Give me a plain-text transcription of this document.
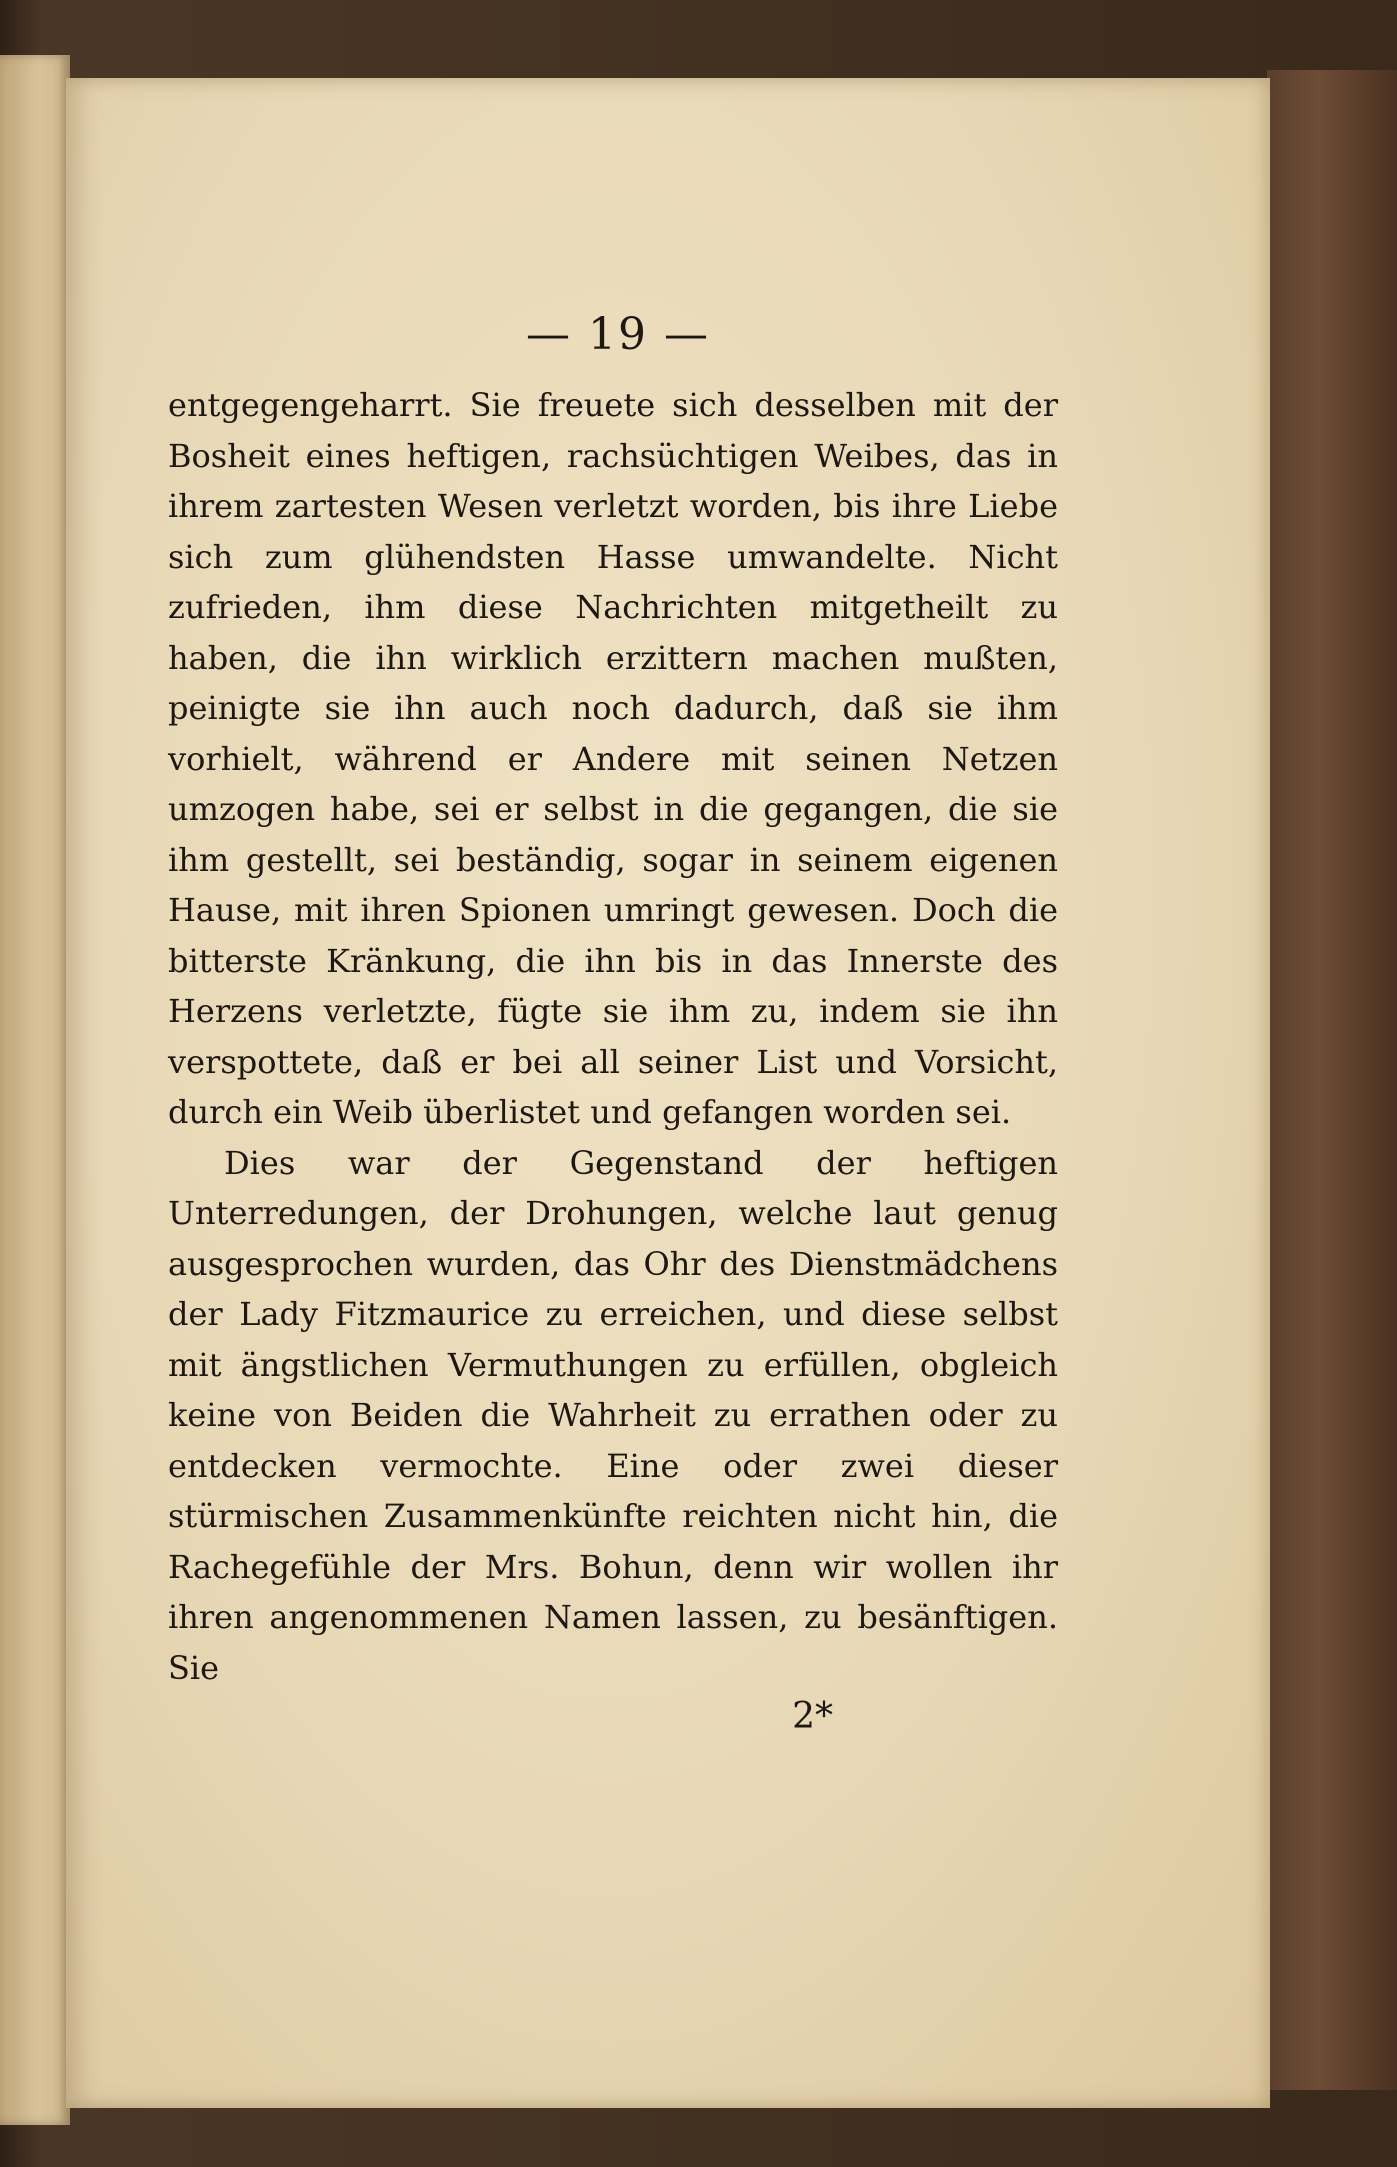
— 19 —

entgegengeharrt. Sie freuete sich desselben mit der Bosheit eines heftigen, rachsüchtigen Weibes, das in ihrem zartesten Wesen verletzt worden, bis ihre Liebe sich zum glühendsten Hasse umwandelte. Nicht zufrieden, ihm diese Nachrichten mitgetheilt zu haben, die ihn wirklich erzittern machen mußten, peinigte sie ihn auch noch dadurch, daß sie ihm vorhielt, während er Andere mit seinen Netzen umzogen habe, sei er selbst in die gegangen, die sie ihm gestellt, sei beständig, sogar in seinem eigenen Hause, mit ihren Spionen umringt gewesen. Doch die bitterste Kränkung, die ihn bis in das Innerste des Herzens verletzte, fügte sie ihm zu, indem sie ihn verspottete, daß er bei all seiner List und Vorsicht, durch ein Weib überlistet und gefangen worden sei.

Dies war der Gegenstand der heftigen Unterredungen, der Drohungen, welche laut genug ausgesprochen wurden, das Ohr des Dienstmädchens der Lady Fitzmaurice zu erreichen, und diese selbst mit ängstlichen Vermuthungen zu erfüllen, obgleich keine von Beiden die Wahrheit zu errathen oder zu entdecken vermochte. Eine oder zwei dieser stürmischen Zusammenkünfte reichten nicht hin, die Rachegefühle der Mrs. Bohun, denn wir wollen ihr ihren angenommenen Namen lassen, zu besänftigen. Sie

2*
